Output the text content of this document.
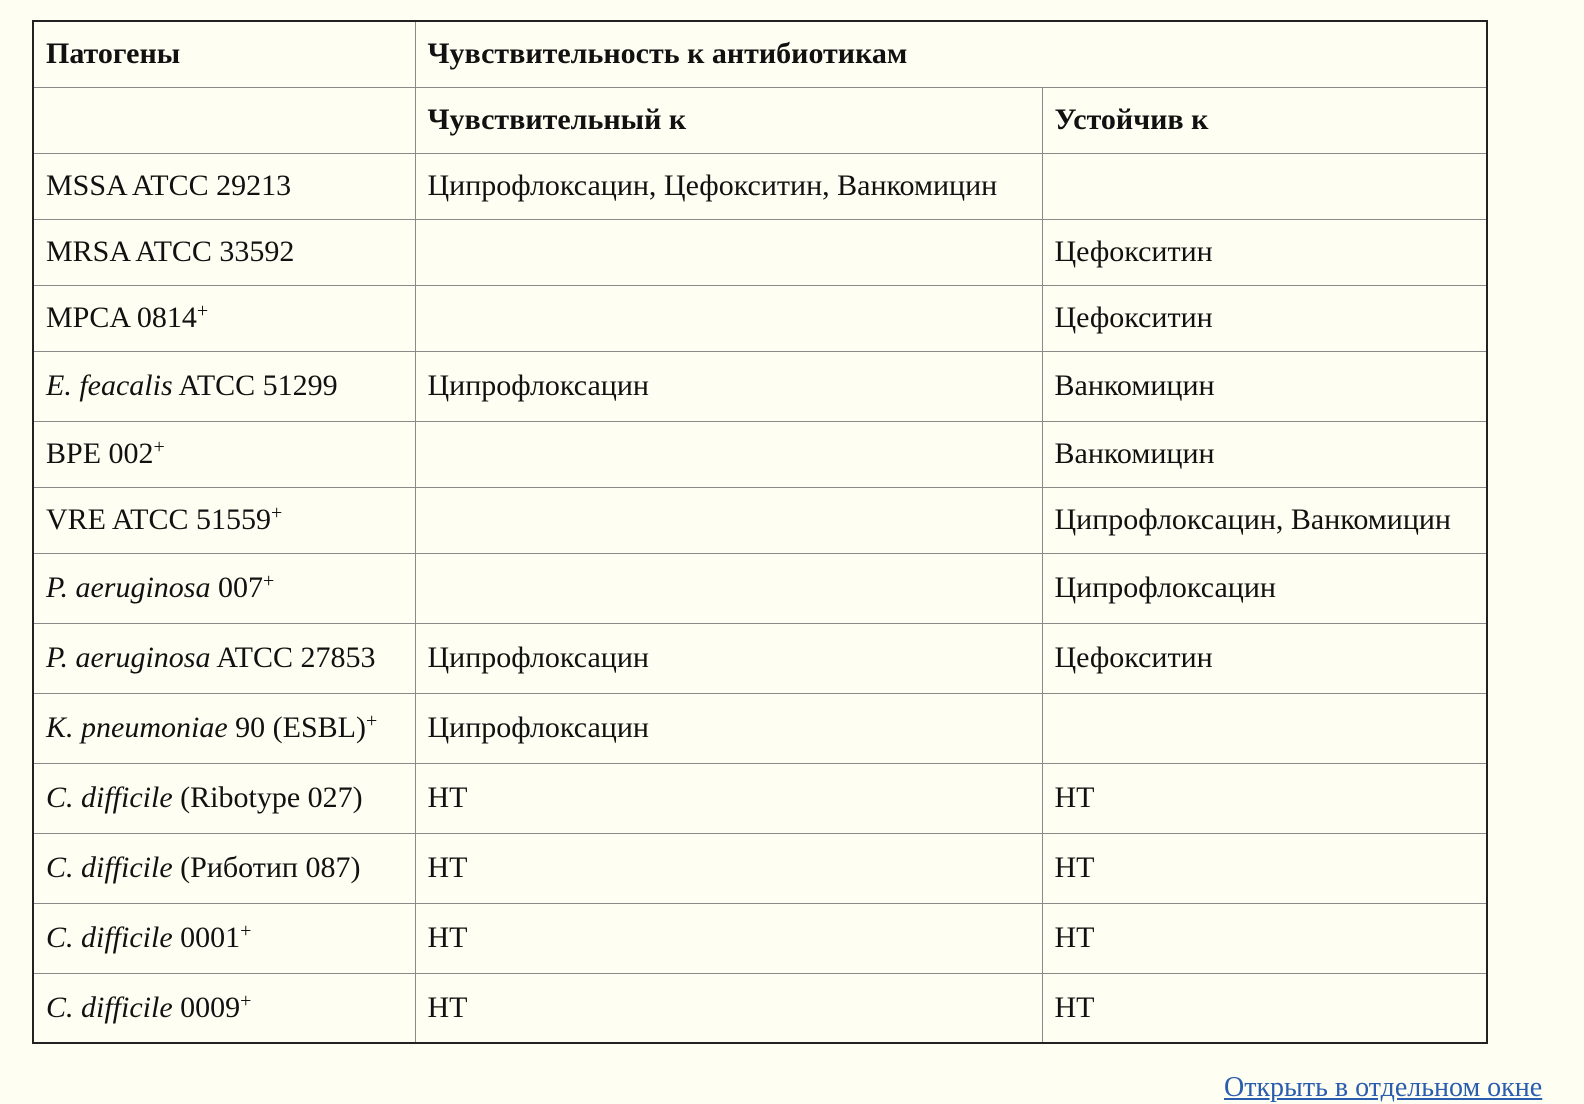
Патогены	Чувствительность к антибиотикам	
	Чувствительный к	Устойчив к
MSSA ATCC 29213	Ципрофлоксацин, Цефокситин, Ванкомицин	
MRSA ATCC 33592		Цефокситин
MPCA 0814+		Цефокситин
E. feacalis ATCC 51299	Ципрофлоксацин	Ванкомицин
BPE 002+		Ванкомицин
VRE ATCC 51559+		Ципрофлоксацин, Ванкомицин
P. aeruginosa 007+		Ципрофлоксацин
P. aeruginosa ATCC 27853	Ципрофлоксацин	Цефокситин
K. pneumoniae 90 (ESBL)+	Ципрофлоксацин	
C. difficile (Ribotype 027)	НТ	НТ
C. difficile (Риботип 087)	НТ	НТ
C. difficile 0001+	НТ	НТ
C. difficile 0009+	НТ	НТ
Открыть в отдельном окне
